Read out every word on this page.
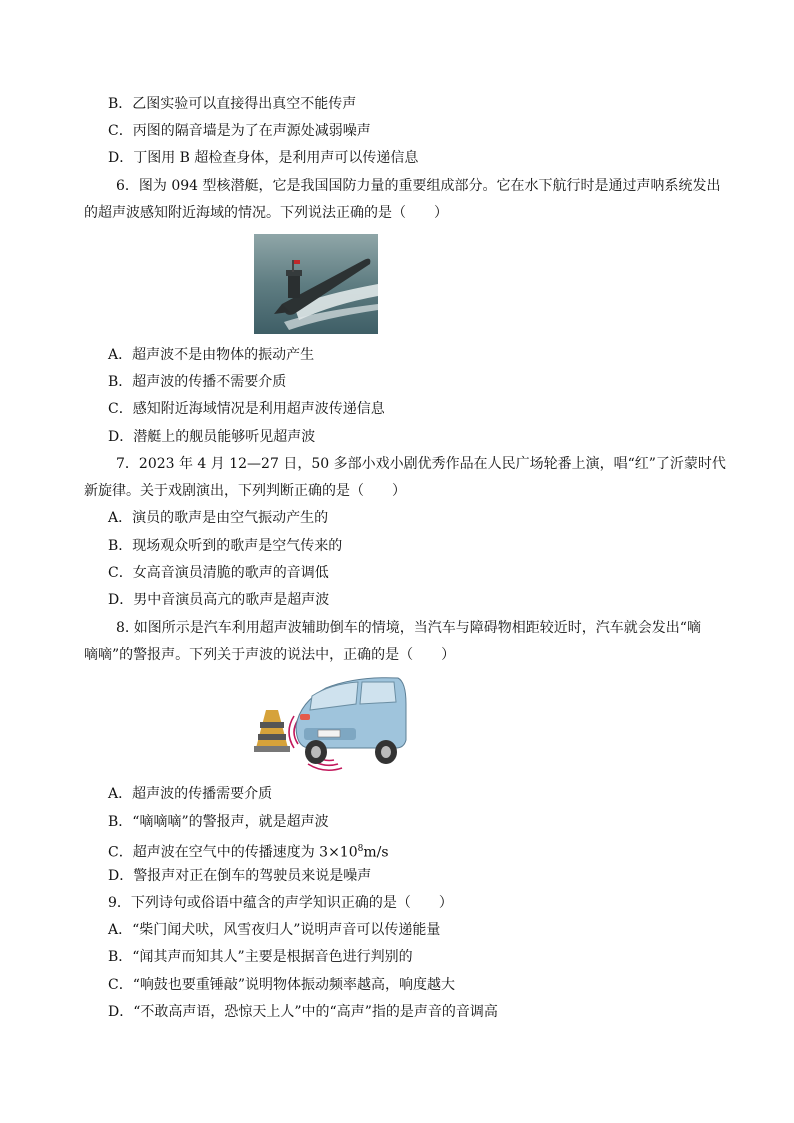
B．乙图实验可以直接得出真空不能传声
C．丙图的隔音墙是为了在声源处减弱噪声
D．丁图用 B 超检查身体，是利用声可以传递信息
6．图为 094 型核潜艇，它是我国国防力量的重要组成部分。它在水下航行时是通过声呐系统发出
的超声波感知附近海域的情况。下列说法正确的是（　　）
A．超声波不是由物体的振动产生
B．超声波的传播不需要介质
C．感知附近海域情况是利用超声波传递信息
D．潜艇上的舰员能够听见超声波
7．2023 年 4 月 12—27 日，50 多部小戏小剧优秀作品在人民广场轮番上演，唱“红”了沂蒙时代
新旋律。关于戏剧演出，下列判断正确的是（　　）
A．演员的歌声是由空气振动产生的
B．现场观众听到的歌声是空气传来的
C．女高音演员清脆的歌声的音调低
D．男中音演员高亢的歌声是超声波
8. 如图所示是汽车利用超声波辅助倒车的情境，当汽车与障碍物相距较近时，汽车就会发出“嘀
嘀嘀”的警报声。下列关于声波的说法中，正确的是（　　）
A．超声波的传播需要介质
B．“嘀嘀嘀”的警报声，就是超声波
C．超声波在空气中的传播速度为 $3\times 10^8m/s$
D．警报声对正在倒车的驾驶员来说是噪声
9．下列诗句或俗语中蕴含的声学知识正确的是（　　）
A．“柴门闻犬吠，风雪夜归人”说明声音可以传递能量
B．“闻其声而知其人”主要是根据音色进行判别的
C．“响鼓也要重锤敲”说明物体振动频率越高，响度越大
D．“不敢高声语，恐惊天上人”中的“高声”指的是声音的音调高
